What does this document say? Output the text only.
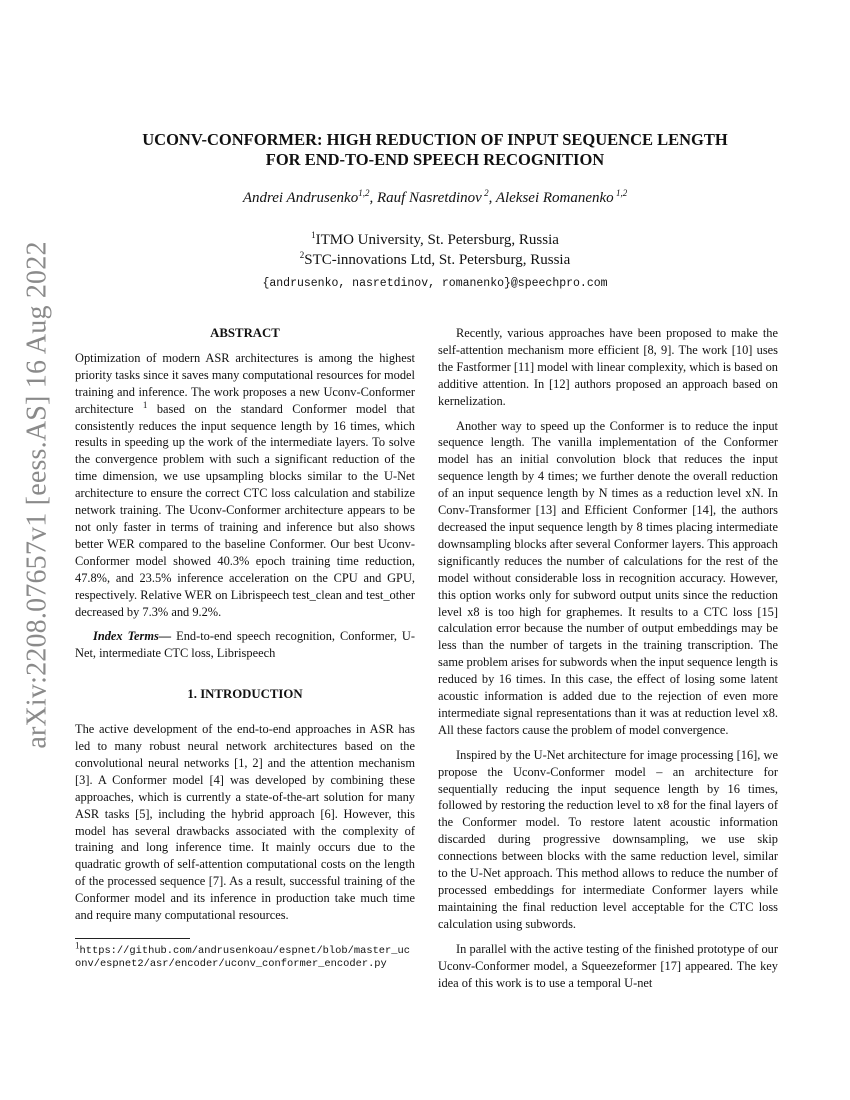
arXiv:2208.07657v1 [eess.AS] 16 Aug 2022
UCONV-CONFORMER: HIGH REDUCTION OF INPUT SEQUENCE LENGTH
FOR END-TO-END SPEECH RECOGNITION
Andrei Andrusenko$^{1,2}$, Rauf Nasretdinov $^2$, Aleksei Romanenko $^{1,2}$
$^1$ITMO University, St. Petersburg, Russia
$^2$STC-innovations Ltd, St. Petersburg, Russia
{andrusenko, nasretdinov, romanenko}@speechpro.com
ABSTRACT

Optimization of modern ASR architectures is among the highest priority tasks since it saves many computational resources for model training and inference. The work proposes a new Uconv-Conformer architecture $^1$ based on the standard Conformer model that consistently reduces the input sequence length by 16 times, which results in speeding up the work of the intermediate layers. To solve the convergence problem with such a significant reduction of the time dimension, we use upsampling blocks similar to the U-Net architecture to ensure the correct CTC loss calculation and stabilize network training. The Uconv-Conformer architecture appears to be not only faster in terms of training and inference but also shows better WER compared to the baseline Conformer. Our best Uconv-Conformer model showed 40.3% epoch training time reduction, 47.8%, and 23.5% inference acceleration on the CPU and GPU, respectively. Relative WER on Librispeech test_clean and test_other decreased by 7.3% and 9.2%.

Index Terms— End-to-end speech recognition, Conformer, U-Net, intermediate CTC loss, Librispeech

1. INTRODUCTION

The active development of the end-to-end approaches in ASR has led to many robust neural network architectures based on the convolutional neural networks [1, 2] and the attention mechanism [3]. A Conformer model [4] was developed by combining these approaches, which is currently a state-of-the-art solution for many ASR tasks [5], including the hybrid approach [6]. However, this model has several drawbacks associated with the complexity of training and long inference time. It mainly occurs due to the quadratic growth of self-attention computational costs on the length of the processed sequence [7]. As a result, successful training of the Conformer model and its inference in production take much time and require many computational resources.

$^1$https://github.com/andrusenkoau/espnet/blob/master_uconv/espnet2/asr/encoder/uconv_conformer_encoder.py

Recently, various approaches have been proposed to make the self-attention mechanism more efficient [8, 9]. The work [10] uses the Fastformer [11] model with linear complexity, which is based on additive attention. In [12] authors proposed an approach based on kernelization.

Another way to speed up the Conformer is to reduce the input sequence length. The vanilla implementation of the Conformer model has an initial convolution block that reduces the input sequence length by 4 times; we further denote the overall reduction of an input sequence length by N times as a reduction level xN. In Conv-Transformer [13] and Efficient Conformer [14], the authors decreased the input sequence length by 8 times placing intermediate downsampling blocks after several Conformer layers. This approach significantly reduces the number of calculations for the rest of the model without considerable loss in recognition accuracy. However, this option works only for subword output units since the reduction level x8 is too high for graphemes. It results to a CTC loss [15] calculation error because the number of output embeddings may be less than the number of targets in the training transcription. The same problem arises for subwords when the input sequence length is reduced by 16 times. In this case, the effect of losing some latent acoustic information is added due to the rejection of even more intermediate signal representations than it was at reduction level x8. All these factors cause the problem of model convergence.

Inspired by the U-Net architecture for image processing [16], we propose the Uconv-Conformer model – an architecture for sequentially reducing the input sequence length by 16 times, followed by restoring the reduction level to x8 for the final layers of the Conformer model. To restore latent acoustic information discarded during progressive downsampling, we use skip connections between blocks with the same reduction level, similar to the U-Net approach. This method allows to reduce the number of processed embeddings for intermediate Conformer layers while maintaining the final reduction level acceptable for the CTC loss calculation using subwords.

In parallel with the active testing of the finished prototype of our Uconv-Conformer model, a Squeezeformer [17] appeared. The key idea of this work is to use a temporal U-net
